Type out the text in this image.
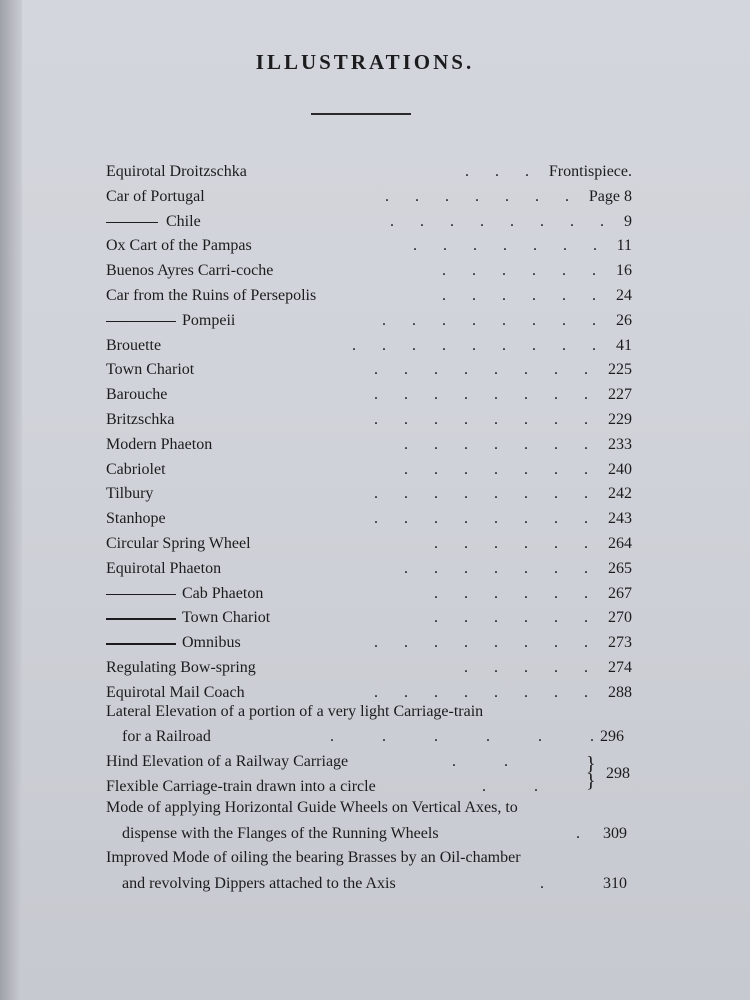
ILLUSTRATIONS.
Equirotal Droitzschka	. . . Frontispiece.
Car of Portugal	. . . . . . . Page 8
Chile	. . . . . . . . 9
Ox Cart of the Pampas	. . . . . . . 11
Buenos Ayres Carri-coche	. . . . . . 16
Car from the Ruins of Persepolis	. . . . . . 24
Pompeii	. . . . . . . . 26
Brouette	. . . . . . . . . 41
Town Chariot	. . . . . . . . 225
Barouche	. . . . . . . . 227
Britzschka	. . . . . . . . 229
Modern Phaeton	. . . . . . . 233
Cabriolet	. . . . . . . 240
Tilbury	. . . . . . . . 242
Stanhope	. . . . . . . . 243
Circular Spring Wheel	. . . . . . 264
Equirotal Phaeton	. . . . . . . 265
Cab Phaeton	. . . . . . 267
Town Chariot	. . . . . . 270
Omnibus	. . . . . . . . 273
Regulating Bow-spring	. . . . . 274
Equirotal Mail Coach	. . . . . . . . 288
Lateral Elevation of a portion of a very light Carriage-train
for a Railroad	. . . . . . 296
Hind Elevation of a Railway Carriage	. .
Flexible Carriage-train drawn into a circle	. .
}
} 298
Mode of applying Horizontal Guide Wheels on Vertical Axes, to
dispense with the Flanges of the Running Wheels	. 309
Improved Mode of oiling the bearing Brasses by an Oil-chamber
and revolving Dippers attached to the Axis	.	310
